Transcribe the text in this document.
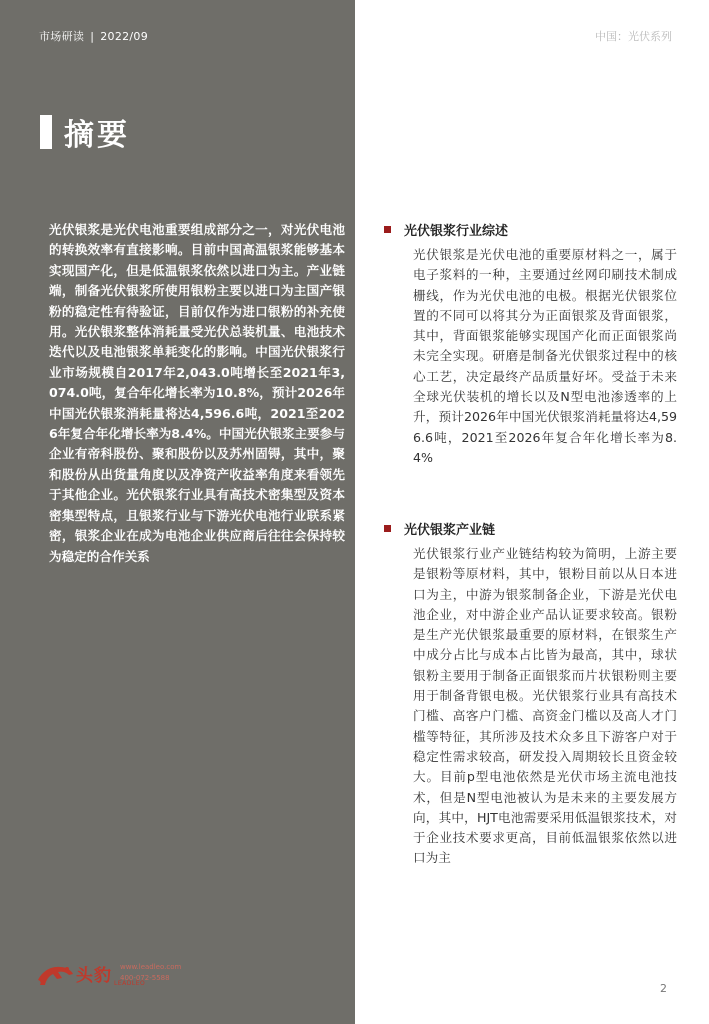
市场研读 | 2022/09	中国：光伏系列
摘要
光伏银浆是光伏电池重要组成部分之一，对光伏电池的转换效率有直接影响。目前中国高温银浆能够基本实现国产化，但是低温银浆依然以进口为主。产业链端，制备光伏银浆所使用银粉主要以进口为主国产银粉的稳定性有待验证，目前仅作为进口银粉的补充使用。光伏银浆整体消耗量受光伏总装机量、电池技术迭代以及电池银浆单耗变化的影响。中国光伏银浆行业市场规模自2017年2,043.0吨增长至2021年3,074.0吨，复合年化增长率为10.8%，预计2026年中国光伏银浆消耗量将达4,596.6吨，2021至2026年复合年化增长率为8.4%。中国光伏银浆主要参与企业有帝科股份、聚和股份以及苏州固锝，其中，聚和股份从出货量角度以及净资产收益率角度来看领先于其他企业。光伏银浆行业具有高技术密集型及资本密集型特点，且银浆行业与下游光伏电池行业联系紧密，银浆企业在成为电池企业供应商后往往会保持较为稳定的合作关系
光伏银浆行业综述
光伏银浆是光伏电池的重要原材料之一，属于电子浆料的一种，主要通过丝网印刷技术制成栅线，作为光伏电池的电极。根据光伏银浆位置的不同可以将其分为正面银浆及背面银浆，其中，背面银浆能够实现国产化而正面银浆尚未完全实现。研磨是制备光伏银浆过程中的核心工艺，决定最终产品质量好坏。受益于未来全球光伏装机的增长以及N型电池渗透率的上升，预计2026年中国光伏银浆消耗量将达4,596.6吨，2021至2026年复合年化增长率为8.4%
光伏银浆产业链
光伏银浆行业产业链结构较为简明，上游主要是银粉等原材料，其中，银粉目前以从日本进口为主，中游为银浆制备企业，下游是光伏电池企业，对中游企业产品认证要求较高。银粉是生产光伏银浆最重要的原材料，在银浆生产中成分占比与成本占比皆为最高，其中，球状银粉主要用于制备正面银浆而片状银粉则主要用于制备背银电极。光伏银浆行业具有高技术门槛、高客户门槛、高资金门槛以及高人才门槛等特征，其所涉及技术众多且下游客户对于稳定性需求较高，研发投入周期较长且资金较大。目前p型电池依然是光伏市场主流电池技术，但是N型电池被认为是未来的主要发展方向，其中，HJT电池需要采用低温银浆技术，对于企业技术要求更高，目前低温银浆依然以进口为主
头豹 www.leadleo.com
400-072-5588
LEADLEO	2
